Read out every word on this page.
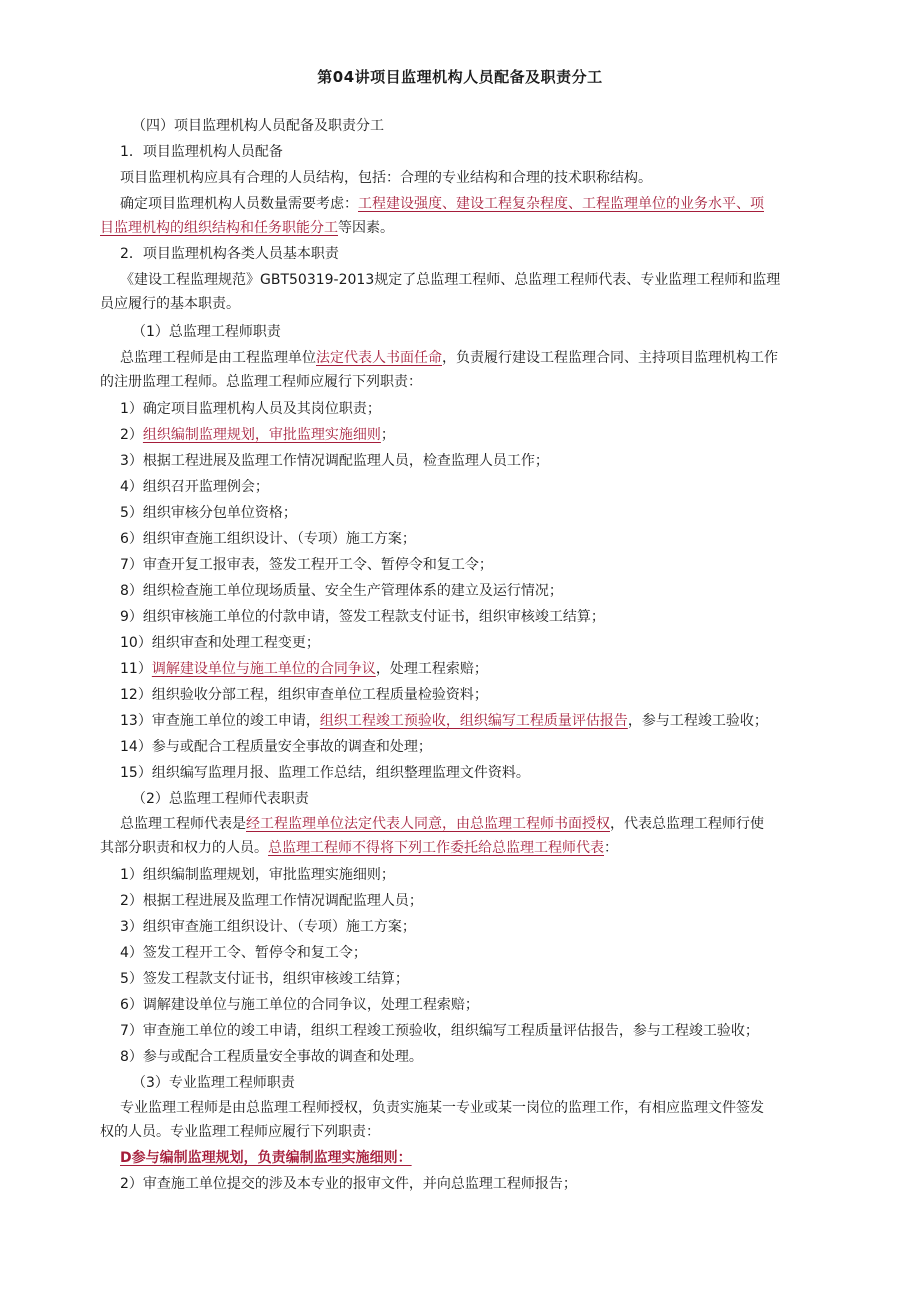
第04讲项目监理机构人员配备及职责分工
（四）项目监理机构人员配备及职责分工
1．项目监理机构人员配备
项目监理机构应具有合理的人员结构，包括：合理的专业结构和合理的技术职称结构。
确定项目监理机构人员数量需要考虑：工程建设强度、建设工程复杂程度、工程监理单位的业务水平、项
目监理机构的组织结构和任务职能分工等因素。
2．项目监理机构各类人员基本职责
《建设工程监理规范》GBT50319-2013规定了总监理工程师、总监理工程师代表、专业监理工程师和监理
员应履行的基本职责。
（1）总监理工程师职责
总监理工程师是由工程监理单位法定代表人书面任命，负责履行建设工程监理合同、主持项目监理机构工作
的注册监理工程师。总监理工程师应履行下列职责：
1）确定项目监理机构人员及其岗位职责；
2）组织编制监理规划，审批监理实施细则；
3）根据工程进展及监理工作情况调配监理人员，检查监理人员工作；
4）组织召开监理例会；
5）组织审核分包单位资格；
6）组织审查施工组织设计、（专项）施工方案；
7）审查开复工报审表，签发工程开工令、暂停令和复工令；
8）组织检查施工单位现场质量、安全生产管理体系的建立及运行情况；
9）组织审核施工单位的付款申请，签发工程款支付证书，组织审核竣工结算；
10）组织审查和处理工程变更；
11）调解建设单位与施工单位的合同争议，处理工程索赔；
12）组织验收分部工程，组织审查单位工程质量检验资料；
13）审查施工单位的竣工申请，组织工程竣工预验收，组织编写工程质量评估报告，参与工程竣工验收；
14）参与或配合工程质量安全事故的调查和处理；
15）组织编写监理月报、监理工作总结，组织整理监理文件资料。
（2）总监理工程师代表职责
总监理工程师代表是经工程监理单位法定代表人同意，由总监理工程师书面授权，代表总监理工程师行使
其部分职责和权力的人员。总监理工程师不得将下列工作委托给总监理工程师代表：
1）组织编制监理规划，审批监理实施细则；
2）根据工程进展及监理工作情况调配监理人员；
3）组织审查施工组织设计、（专项）施工方案；
4）签发工程开工令、暂停令和复工令；
5）签发工程款支付证书，组织审核竣工结算；
6）调解建设单位与施工单位的合同争议，处理工程索赔；
7）审查施工单位的竣工申请，组织工程竣工预验收，组织编写工程质量评估报告，参与工程竣工验收；
8）参与或配合工程质量安全事故的调查和处理。
（3）专业监理工程师职责
专业监理工程师是由总监理工程师授权，负责实施某一专业或某一岗位的监理工作，有相应监理文件签发
权的人员。专业监理工程师应履行下列职责：
D参与编制监理规划，负责编制监理实施细则：
2）审查施工单位提交的涉及本专业的报审文件，并向总监理工程师报告；
